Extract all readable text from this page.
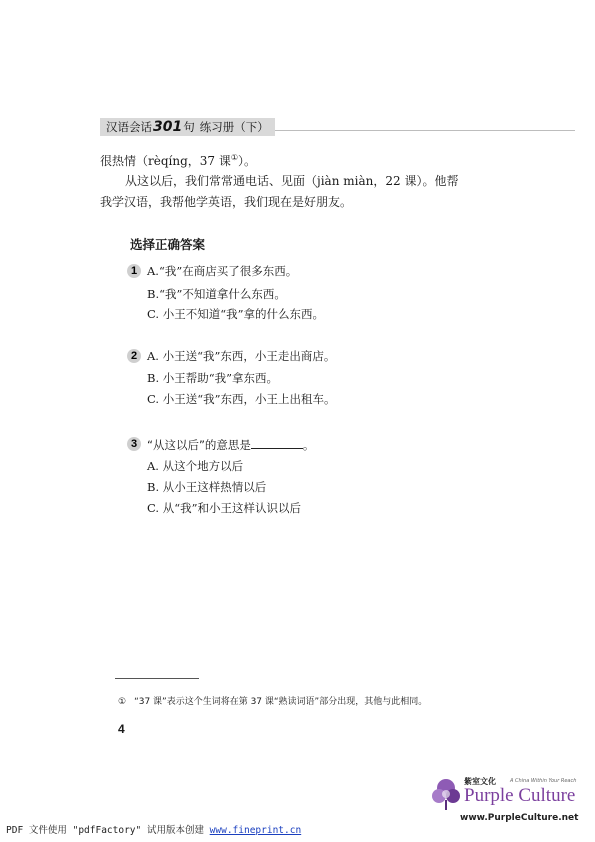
汉语会话 301 句 练习册（下）
很热情（rèqíng，37 课①）。
从这以后，我们常常通电话、见面（jiàn miàn，22 课）。他帮
我学汉语，我帮他学英语，我们现在是好朋友。
选择正确答案
1 A.“我”在商店买了很多东西。
B.“我”不知道拿什么东西。
C. 小王不知道“我”拿的什么东西。
2 A. 小王送“我”东西，小王走出商店。
B. 小王帮助“我”拿东西。
C. 小王送“我”东西，小王上出租车。
3 “从这以后”的意思是	。
A. 从这个地方以后
B. 从小王这样热情以后
C. 从“我”和小王这样认识以后
① “37 课”表示这个生词将在第 37 课“熟读词语”部分出现，其他与此相同。
4
紫室文化	A China Within Your Reach
Purple Culture
www.PurpleCulture.net
PDF 文件使用 "pdfFactory" 试用版本创建 www.fineprint.cn
